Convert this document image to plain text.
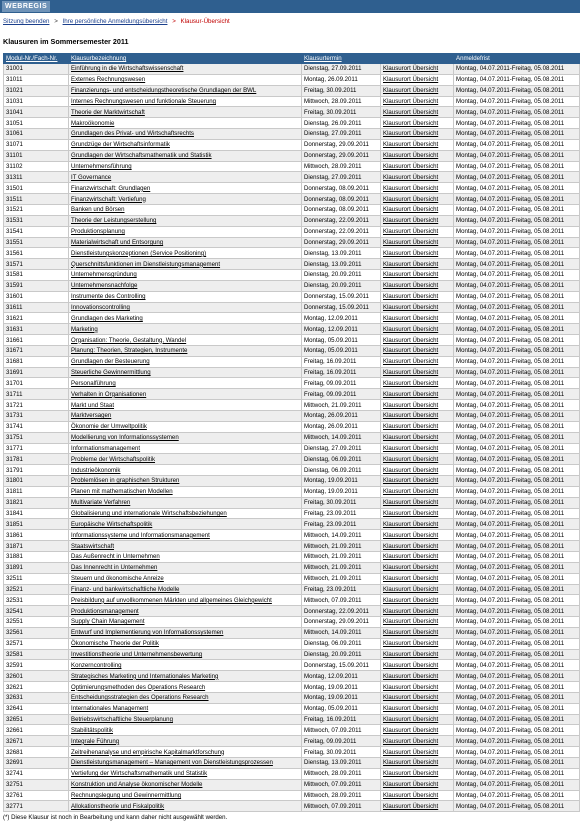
WEBREGIS
Sitzung beenden > Ihre persönliche Anmeldungsübersicht > Klausur-Übersicht
Klausuren im Sommersemester 2011
Modul-Nr./Fach-Nr.	Klausurbezeichnung	Klausurtermin		Anmeldefrist
31001	Einführung in die Wirtschaftswissenschaft	Dienstag, 27.09.2011	Klausurort Übersicht	Montag, 04.07.2011-Freitag, 05.08.2011
31011	Externes Rechnungswesen	Montag, 26.09.2011	Klausurort Übersicht	Montag, 04.07.2011-Freitag, 05.08.2011
31021	Finanzierungs- und entscheidungstheoretische Grundlagen der BWL	Freitag, 30.09.2011	Klausurort Übersicht	Montag, 04.07.2011-Freitag, 05.08.2011
31031	Internes Rechnungswesen und funktionale Steuerung	Mittwoch, 28.09.2011	Klausurort Übersicht	Montag, 04.07.2011-Freitag, 05.08.2011
31041	Theorie der Marktwirtschaft	Freitag, 30.09.2011	Klausurort Übersicht	Montag, 04.07.2011-Freitag, 05.08.2011
31051	Makroökonomie	Dienstag, 26.09.2011	Klausurort Übersicht	Montag, 04.07.2011-Freitag, 05.08.2011
31061	Grundlagen des Privat- und Wirtschaftsrechts	Dienstag, 27.09.2011	Klausurort Übersicht	Montag, 04.07.2011-Freitag, 05.08.2011
31071	Grundzüge der Wirtschaftsinformatik	Donnerstag, 29.09.2011	Klausurort Übersicht	Montag, 04.07.2011-Freitag, 05.08.2011
31101	Grundlagen der Wirtschaftsmathematik und Statistik	Donnerstag, 29.09.2011	Klausurort Übersicht	Montag, 04.07.2011-Freitag, 05.08.2011
31102	Unternehmensführung	Mittwoch, 28.09.2011	Klausurort Übersicht	Montag, 04.07.2011-Freitag, 05.08.2011
31311	IT Governance	Dienstag, 27.09.2011	Klausurort Übersicht	Montag, 04.07.2011-Freitag, 05.08.2011
31501	Finanzwirtschaft: Grundlagen	Donnerstag, 08.09.2011	Klausurort Übersicht	Montag, 04.07.2011-Freitag, 05.08.2011
31511	Finanzwirtschaft: Vertiefung	Donnerstag, 08.09.2011	Klausurort Übersicht	Montag, 04.07.2011-Freitag, 05.08.2011
31521	Banken und Börsen	Donnerstag, 08.09.2011	Klausurort Übersicht	Montag, 04.07.2011-Freitag, 05.08.2011
31531	Theorie der Leistungserstellung	Donnerstag, 22.09.2011	Klausurort Übersicht	Montag, 04.07.2011-Freitag, 05.08.2011
31541	Produktionsplanung	Donnerstag, 22.09.2011	Klausurort Übersicht	Montag, 04.07.2011-Freitag, 05.08.2011
31551	Materialwirtschaft und Entsorgung	Donnerstag, 29.09.2011	Klausurort Übersicht	Montag, 04.07.2011-Freitag, 05.08.2011
31561	Dienstleistungskonzeptionen (Service Positioning)	Dienstag, 13.09.2011	Klausurort Übersicht	Montag, 04.07.2011-Freitag, 05.08.2011
31571	Querschnittsfunktionen im Dienstleistungsmanagement	Dienstag, 13.09.2011	Klausurort Übersicht	Montag, 04.07.2011-Freitag, 05.08.2011
31581	Unternehmensgründung	Dienstag, 20.09.2011	Klausurort Übersicht	Montag, 04.07.2011-Freitag, 05.08.2011
31591	Unternehmensnachfolge	Dienstag, 20.09.2011	Klausurort Übersicht	Montag, 04.07.2011-Freitag, 05.08.2011
31601	Instrumente des Controlling	Donnerstag, 15.09.2011	Klausurort Übersicht	Montag, 04.07.2011-Freitag, 05.08.2011
31611	Innovationscontrolling	Donnerstag, 15.09.2011	Klausurort Übersicht	Montag, 04.07.2011-Freitag, 05.08.2011
31621	Grundlagen des Marketing	Montag, 12.09.2011	Klausurort Übersicht	Montag, 04.07.2011-Freitag, 05.08.2011
31631	Marketing	Montag, 12.09.2011	Klausurort Übersicht	Montag, 04.07.2011-Freitag, 05.08.2011
31661	Organisation: Theorie, Gestaltung, Wandel	Montag, 05.09.2011	Klausurort Übersicht	Montag, 04.07.2011-Freitag, 05.08.2011
31671	Planung: Theorien, Strategien, Instrumente	Montag, 05.09.2011	Klausurort Übersicht	Montag, 04.07.2011-Freitag, 05.08.2011
31681	Grundlagen der Besteuerung	Freitag, 16.09.2011	Klausurort Übersicht	Montag, 04.07.2011-Freitag, 05.08.2011
31691	Steuerliche Gewinnermittlung	Freitag, 16.09.2011	Klausurort Übersicht	Montag, 04.07.2011-Freitag, 05.08.2011
31701	Personalführung	Freitag, 09.09.2011	Klausurort Übersicht	Montag, 04.07.2011-Freitag, 05.08.2011
31711	Verhalten in Organisationen	Freitag, 09.09.2011	Klausurort Übersicht	Montag, 04.07.2011-Freitag, 05.08.2011
31721	Markt und Staat	Mittwoch, 21.09.2011	Klausurort Übersicht	Montag, 04.07.2011-Freitag, 05.08.2011
31731	Marktversagen	Montag, 26.09.2011	Klausurort Übersicht	Montag, 04.07.2011-Freitag, 05.08.2011
31741	Ökonomie der Umweltpolitik	Montag, 26.09.2011	Klausurort Übersicht	Montag, 04.07.2011-Freitag, 05.08.2011
31751	Modellierung von Informationssystemen	Mittwoch, 14.09.2011	Klausurort Übersicht	Montag, 04.07.2011-Freitag, 05.08.2011
31771	Informationsmanagement	Dienstag, 27.09.2011	Klausurort Übersicht	Montag, 04.07.2011-Freitag, 05.08.2011
31781	Probleme der Wirtschaftspolitik	Dienstag, 06.09.2011	Klausurort Übersicht	Montag, 04.07.2011-Freitag, 05.08.2011
31791	Industrieökonomik	Dienstag, 06.09.2011	Klausurort Übersicht	Montag, 04.07.2011-Freitag, 05.08.2011
31801	Problemlösen in graphischen Strukturen	Montag, 19.09.2011	Klausurort Übersicht	Montag, 04.07.2011-Freitag, 05.08.2011
31811	Planen mit mathematischen Modellen	Montag, 19.09.2011	Klausurort Übersicht	Montag, 04.07.2011-Freitag, 05.08.2011
31821	Multivariate Verfahren	Freitag, 30.09.2011	Klausurort Übersicht	Montag, 04.07.2011-Freitag, 05.08.2011
31841	Globalisierung und internationale Wirtschaftsbeziehungen	Freitag, 23.09.2011	Klausurort Übersicht	Montag, 04.07.2011-Freitag, 05.08.2011
31851	Europäische Wirtschaftspolitik	Freitag, 23.09.2011	Klausurort Übersicht	Montag, 04.07.2011-Freitag, 05.08.2011
31861	Informationssysteme und Informationsmanagement	Mittwoch, 14.09.2011	Klausurort Übersicht	Montag, 04.07.2011-Freitag, 05.08.2011
31871	Staatswirtschaft	Mittwoch, 21.09.2011	Klausurort Übersicht	Montag, 04.07.2011-Freitag, 05.08.2011
31881	Das Außenrecht in Unternehmen	Mittwoch, 21.09.2011	Klausurort Übersicht	Montag, 04.07.2011-Freitag, 05.08.2011
31891	Das Innenrecht in Unternehmen	Mittwoch, 21.09.2011	Klausurort Übersicht	Montag, 04.07.2011-Freitag, 05.08.2011
32511	Steuern und ökonomische Anreize	Mittwoch, 21.09.2011	Klausurort Übersicht	Montag, 04.07.2011-Freitag, 05.08.2011
32521	Finanz- und bankwirtschaftliche Modelle	Freitag, 23.09.2011	Klausurort Übersicht	Montag, 04.07.2011-Freitag, 05.08.2011
32531	Preisbildung auf unvollkommenen Märkten und allgemeines Gleichgewicht	Mittwoch, 07.09.2011	Klausurort Übersicht	Montag, 04.07.2011-Freitag, 05.08.2011
32541	Produktionsmanagement	Donnerstag, 22.09.2011	Klausurort Übersicht	Montag, 04.07.2011-Freitag, 05.08.2011
32551	Supply Chain Management	Donnerstag, 29.09.2011	Klausurort Übersicht	Montag, 04.07.2011-Freitag, 05.08.2011
32561	Entwurf und Implementierung von Informationssystemen	Mittwoch, 14.09.2011	Klausurort Übersicht	Montag, 04.07.2011-Freitag, 05.08.2011
32571	Ökonomische Theorie der Politik	Dienstag, 06.09.2011	Klausurort Übersicht	Montag, 04.07.2011-Freitag, 05.08.2011
32581	Investitionstheorie und Unternehmensbewertung	Dienstag, 20.09.2011	Klausurort Übersicht	Montag, 04.07.2011-Freitag, 05.08.2011
32591	Konzerncontrolling	Donnerstag, 15.09.2011	Klausurort Übersicht	Montag, 04.07.2011-Freitag, 05.08.2011
32601	Strategisches Marketing und Internationales Marketing	Montag, 12.09.2011	Klausurort Übersicht	Montag, 04.07.2011-Freitag, 05.08.2011
32621	Optimierungsmethoden des Operations Research	Montag, 19.09.2011	Klausurort Übersicht	Montag, 04.07.2011-Freitag, 05.08.2011
32631	Entscheidungsstrategien des Operations Research	Montag, 19.09.2011	Klausurort Übersicht	Montag, 04.07.2011-Freitag, 05.08.2011
32641	Internationales Management	Montag, 05.09.2011	Klausurort Übersicht	Montag, 04.07.2011-Freitag, 05.08.2011
32651	Betriebswirtschaftliche Steuerplanung	Freitag, 16.09.2011	Klausurort Übersicht	Montag, 04.07.2011-Freitag, 05.08.2011
32661	Stabilitätspolitik	Mittwoch, 07.09.2011	Klausurort Übersicht	Montag, 04.07.2011-Freitag, 05.08.2011
32671	Integrale Führung	Freitag, 09.09.2011	Klausurort Übersicht	Montag, 04.07.2011-Freitag, 05.08.2011
32681	Zeitreihenanalyse und empirische Kapitalmarktforschung	Freitag, 30.09.2011	Klausurort Übersicht	Montag, 04.07.2011-Freitag, 05.08.2011
32691	Dienstleistungsmanagement – Management von Dienstleistungsprozessen	Dienstag, 13.09.2011	Klausurort Übersicht	Montag, 04.07.2011-Freitag, 05.08.2011
32741	Vertiefung der Wirtschaftsmathematik und Statistik	Mittwoch, 28.09.2011	Klausurort Übersicht	Montag, 04.07.2011-Freitag, 05.08.2011
32751	Konstruktion und Analyse ökonomischer Modelle	Mittwoch, 07.09.2011	Klausurort Übersicht	Montag, 04.07.2011-Freitag, 05.08.2011
32761	Rechnungslegung und Gewinnermittlung	Mittwoch, 28.09.2011	Klausurort Übersicht	Montag, 04.07.2011-Freitag, 05.08.2011
32771	Allokationstheorie und Fiskalpolitik	Mittwoch, 07.09.2011	Klausurort Übersicht	Montag, 04.07.2011-Freitag, 05.08.2011
(*) Diese Klausur ist noch in Bearbeitung und kann daher nicht ausgewählt werden.
